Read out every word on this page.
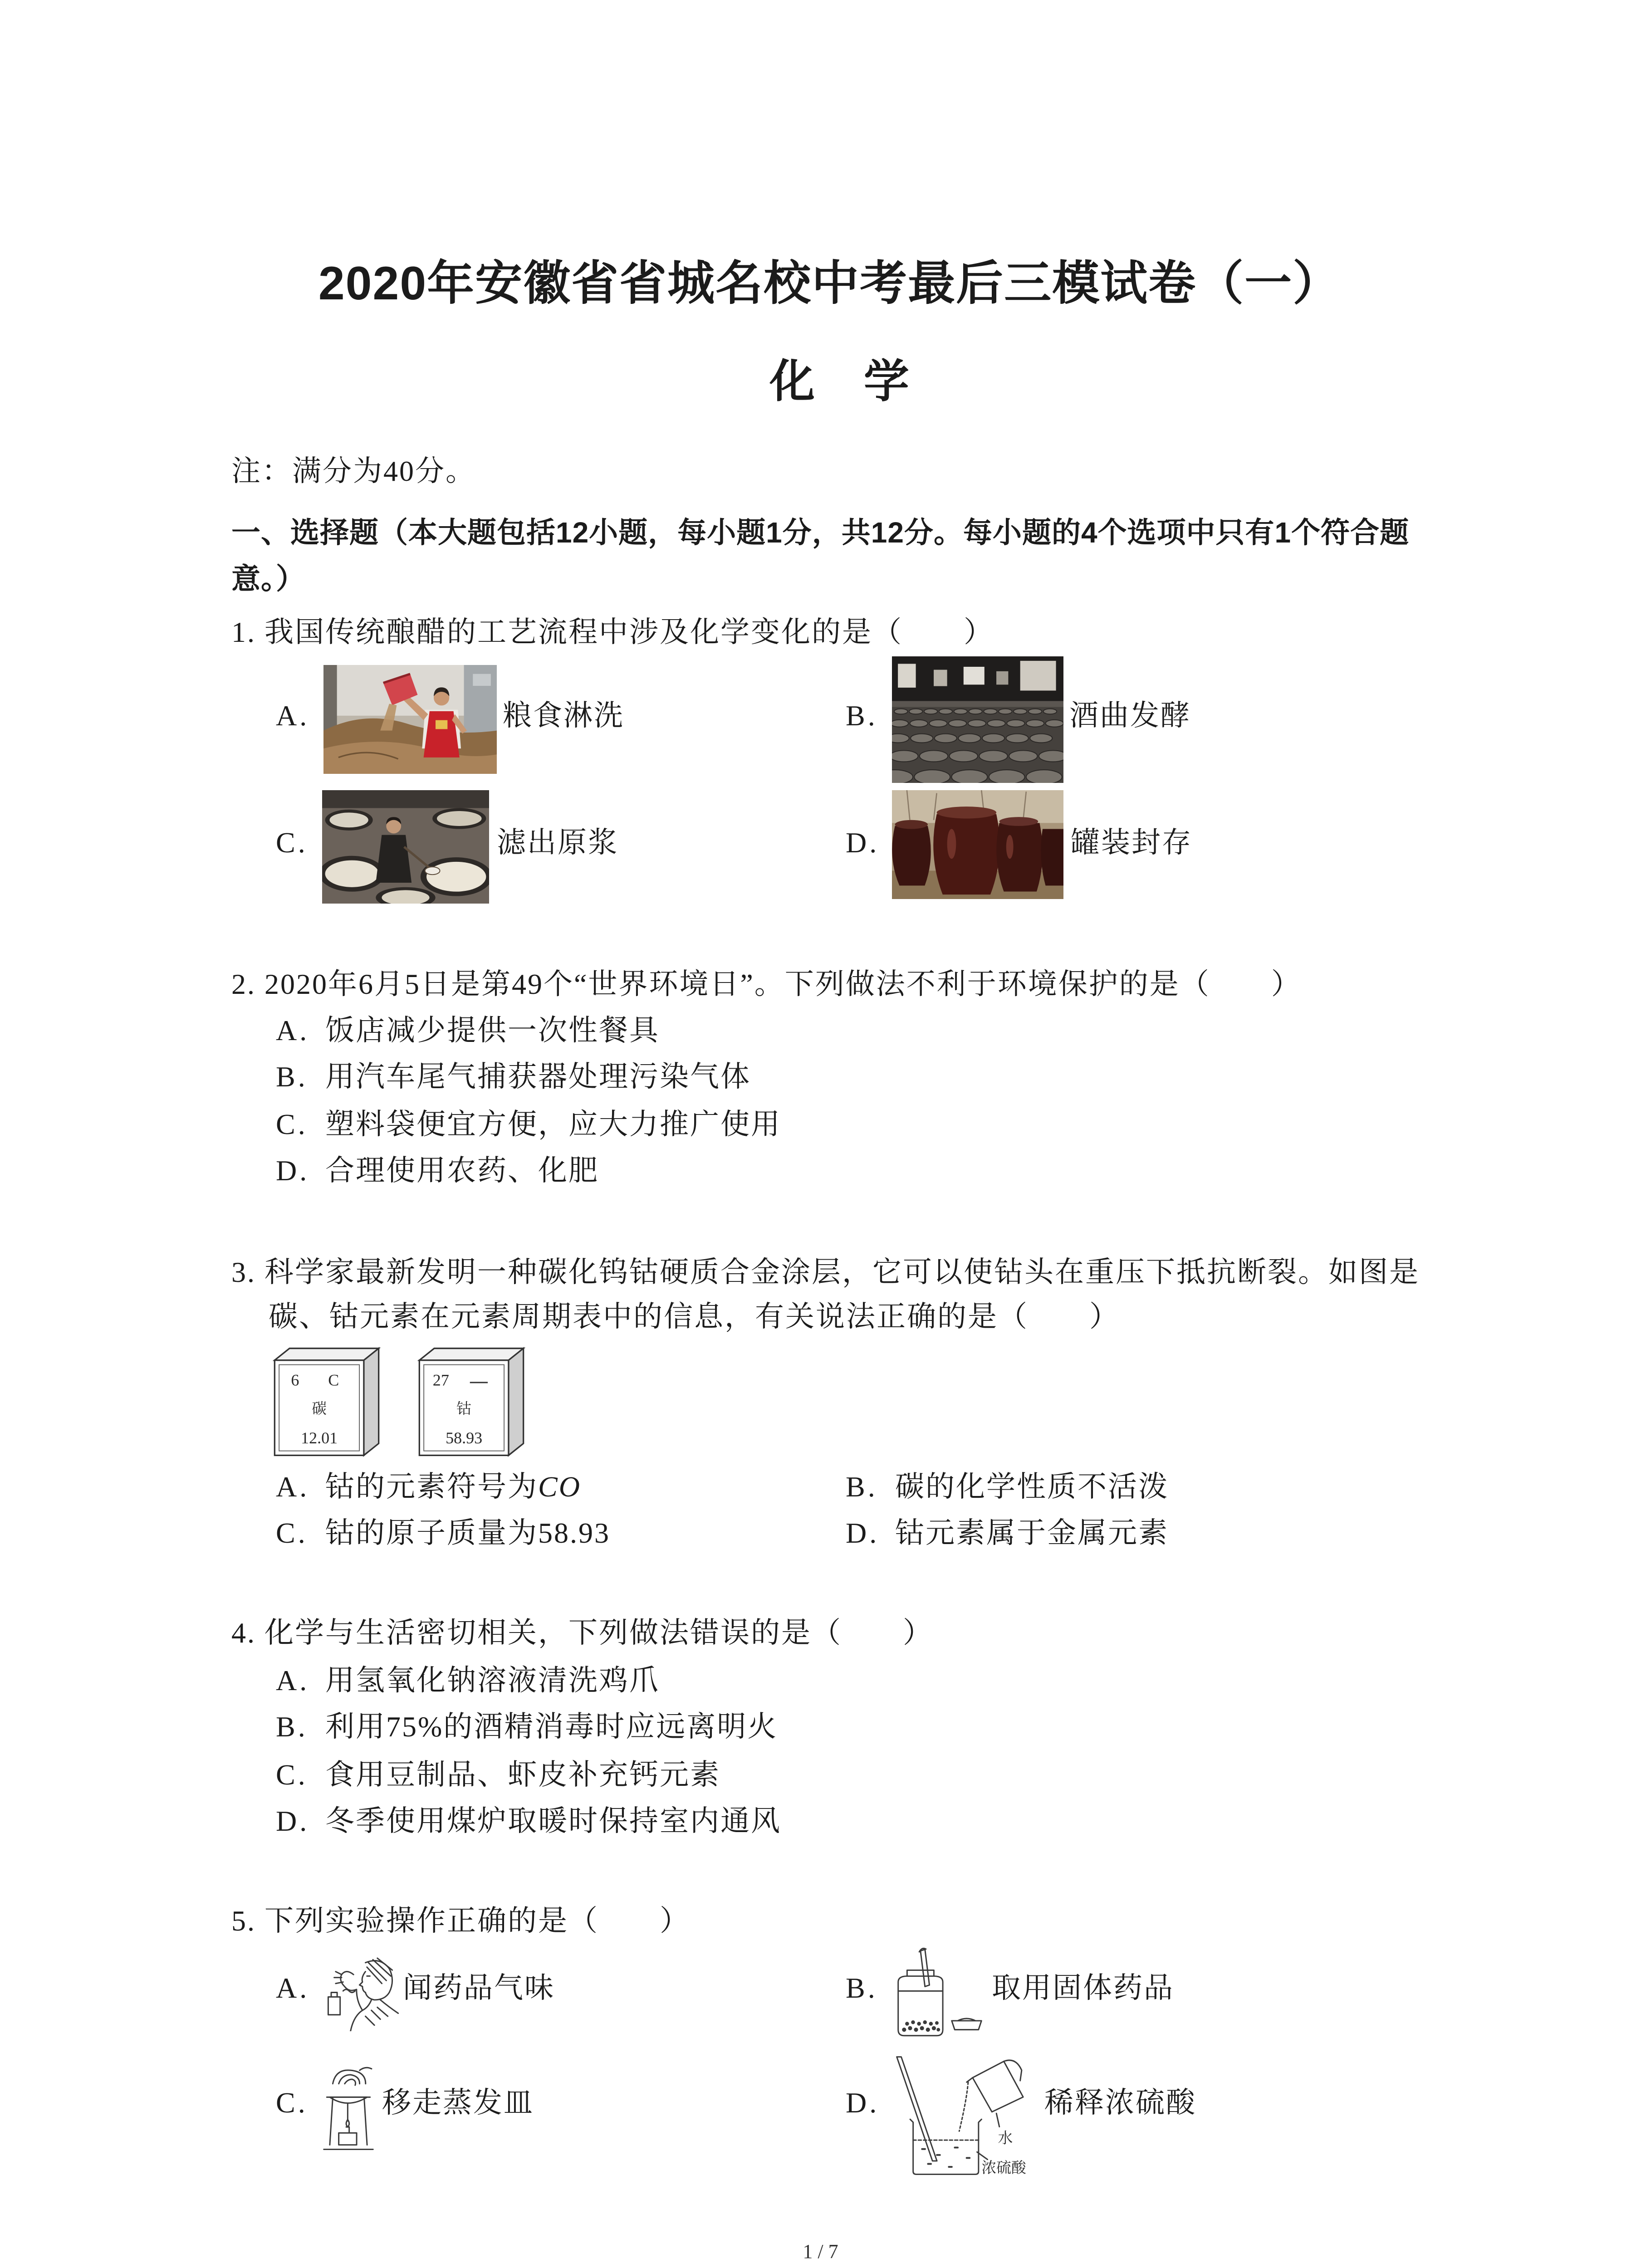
2020年安徽省省城名校中考最后三模试卷（一）
化 学
注：满分为40分。
一、选择题（本大题包括12小题，每小题1分，共12分。每小题的4个选项中只有1个符合题
意。）
1. 我国传统酿醋的工艺流程中涉及化学变化的是（　　）
A.	粮食淋洗	B.	酒曲发酵
C.	滤出原浆	D.	罐装封存
2. 2020年6月5日是第49个“世界环境日”。下列做法不利于环境保护的是（　　）
A. 饭店减少提供一次性餐具
B. 用汽车尾气捕获器处理污染气体
C. 塑料袋便宜方便，应大力推广使用
D. 合理使用农药、化肥
3. 科学家最新发明一种碳化钨钴硬质合金涂层，它可以使钻头在重压下抵抗断裂。如图是
碳、钴元素在元素周期表中的信息，有关说法正确的是（　　）
6	C
碳
12.01
27
钴
58.93
A. 钴的元素符号为CO	B. 碳的化学性质不活泼
C. 钴的原子质量为58.93	D. 钴元素属于金属元素
4. 化学与生活密切相关，下列做法错误的是（　　）
A. 用氢氧化钠溶液清洗鸡爪
B. 利用75%的酒精消毒时应远离明火
C. 食用豆制品、虾皮补充钙元素
D. 冬季使用煤炉取暖时保持室内通风
5. 下列实验操作正确的是（　　）
A.	闻药品气味	B.	取用固体药品
C.	移走蒸发皿	D.
水
浓硫酸
稀释浓硫酸
1 / 7
